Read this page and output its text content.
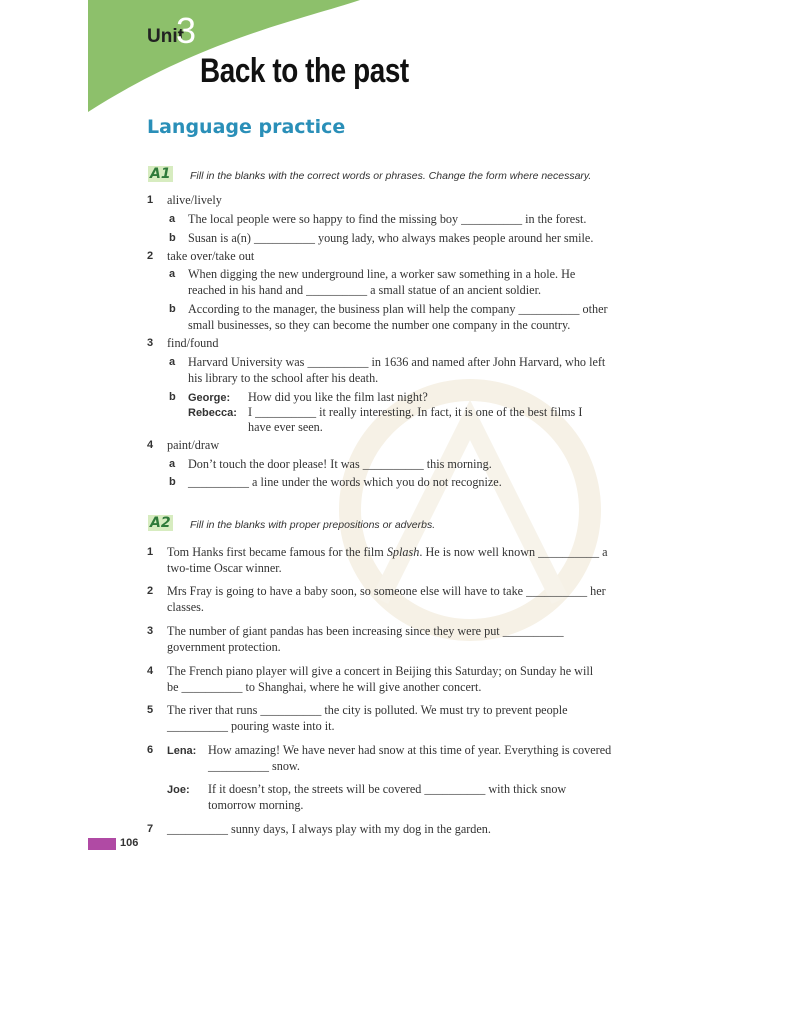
Unit
3
Back to the past
Language practice
A1 Fill in the blanks with the correct words or phrases. Change the form where necessary.
1 alive/lively
a The local people were so happy to find the missing boy __________ in the forest.
b Susan is a(n) __________ young lady, who always makes people around her smile.
2 take over/take out
a When digging the new underground line, a worker saw something in a hole. He
reached in his hand and __________ a small statue of an ancient soldier.
b According to the manager, the business plan will help the company __________ other
small businesses, so they can become the number one company in the country.
3 find/found
a Harvard University was __________ in 1636 and named after John Harvard, who left
his library to the school after his death.
b George: How did you like the film last night?
Rebecca: I __________ it really interesting. In fact, it is one of the best films I
have ever seen.
4 paint/draw
a Don’t touch the door please! It was __________ this morning.
b __________ a line under the words which you do not recognize.
A2 Fill in the blanks with proper prepositions or adverbs.
1 Tom Hanks first became famous for the film Splash. He is now well known __________ a
two-time Oscar winner.
2 Mrs Fray is going to have a baby soon, so someone else will have to take __________ her
classes.
3 The number of giant pandas has been increasing since they were put __________
government protection.
4 The French piano player will give a concert in Beijing this Saturday; on Sunday he will
be __________ to Shanghai, where he will give another concert.
5 The river that runs __________ the city is polluted. We must try to prevent people
__________ pouring waste into it.
6 Lena: How amazing! We have never had snow at this time of year. Everything is covered
__________ snow.
Joe: If it doesn’t stop, the streets will be covered __________ with thick snow
tomorrow morning.
7 __________ sunny days, I always play with my dog in the garden.
106
